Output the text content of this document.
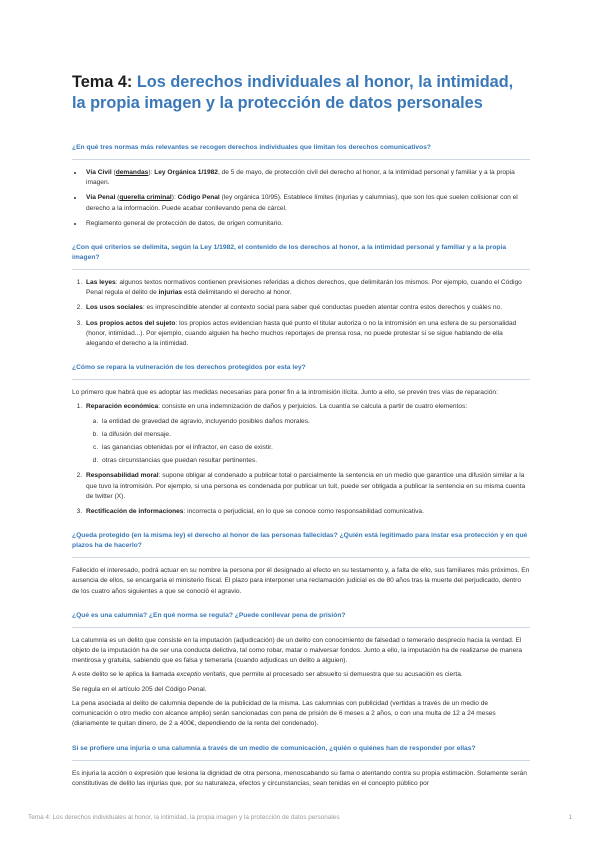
Tema 4: Los derechos individuales al honor, la intimidad, la propia imagen y la protección de datos personales
¿En qué tres normas más relevantes se recogen derechos individuales que limitan los derechos comunicativos?
• Vía Civil (demandas): Ley Orgánica 1/1982, de 5 de mayo, de protección civil del derecho al honor, a la intimidad personal y familiar y a la propia imagen.
• Vía Penal (querella criminal): Código Penal (ley orgánica 10/95). Establece límites (injurias y calumnias), que son los que suelen colisionar con el derecho a la información. Puede acabar conllevando pena de cárcel.
• Reglamento general de protección de datos, de origen comunitario.
¿Con qué criterios se delimita, según la Ley 1/1982, el contenido de los derechos al honor, a la intimidad personal y familiar y a la propia imagen?
1. Las leyes: algunos textos normativos contienen previsiones referidas a dichos derechos, que delimitarán los mismos. Por ejemplo, cuando el Código Penal regula el delito de injurias está delimitando el derecho al honor.
2. Los usos sociales: es imprescindible atender al contexto social para saber qué conductas pueden atentar contra estos derechos y cuáles no.
3. Los propios actos del sujeto: los propios actos evidencian hasta qué punto el titular autoriza o no la intromisión en una esfera de su personalidad (honor, intimidad...). Por ejemplo, cuando alguien ha hecho muchos reportajes de prensa rosa, no puede protestar si se sigue hablando de ella alegando el derecho a la intimidad.
¿Cómo se repara la vulneración de los derechos protegidos por esta ley?

Lo primero que habrá que es adoptar las medidas necesarias para poner fin a la intromisión ilícita. Junto a ello, se prevén tres vías de reparación:

1. Reparación económica: consiste en una indemnización de daños y perjuicios. La cuantía se calcula a partir de cuatro elementos:
a. la entidad de gravedad de agravio, incluyendo posibles daños morales.
b. la difusión del mensaje.
c. las ganancias obtenidas por el infractor, en caso de existir.
d. otras circunstancias que puedan resultar pertinentes.
2. Responsabilidad moral: supone obligar al condenado a publicar total o parcialmente la sentencia en un medio que garantice una difusión similar a la que tuvo la intromisión. Por ejemplo, si una persona es condenada por publicar un tuit, puede ser obligada a publicar la sentencia en su misma cuenta de twitter (X).
3. Rectificación de informaciones: incorrecta o perjudicial, en lo que se conoce como responsabilidad comunicativa.
¿Queda protegido (en la misma ley) el derecho al honor de las personas fallecidas? ¿Quién está legitimado para instar esa protección y en qué plazos ha de hacerlo?

Fallecido el interesado, podrá actuar en su nombre la persona por él designado al efecto en su testamento y, a falta de ello, sus familiares más próximos. En ausencia de ellos, se encargaría el ministerio fiscal. El plazo para interponer una reclamación judicial es de 80 años tras la muerte del perjudicado, dentro de los cuatro años siguientes a que se conoció el agravio.

¿Qué es una calumnia? ¿En qué norma se regula? ¿Puede conllevar pena de prisión?

La calumnia es un delito que consiste en la imputación (adjudicación) de un delito con conocimiento de falsedad o temerario desprecio hacia la verdad. El objeto de la imputación ha de ser una conducta delictiva, tal como robar, matar o malversar fondos. Junto a ello, la imputación ha de realizarse de manera mentirosa y gratuita, sabiendo que es falsa y temeraria (cuando adjudicas un delito a alguien).

A este delito se le aplica la llamada exceptio veritatis, que permite al procesado ser absuelto si demuestra que su acusación es cierta.

Se regula en el artículo 205 del Código Penal.

La pena asociada al delito de calumnia depende de la publicidad de la misma. Las calumnias con publicidad (vertidas a través de un medio de comunicación o otro medio con alcance amplio) serán sancionadas con pena de prisión de 6 meses a 2 años, o con una multa de 12 a 24 meses (diariamente te quitan dinero, de 2 a 400€, dependiendo de la renta del condenado).

Si se profiere una injuria o una calumnia a través de un medio de comunicación, ¿quién o quiénes han de responder por ellas?

Es injuria la acción o expresión que lesiona la dignidad de otra persona, menoscabando su fama o atentando contra su propia estimación. Solamente serán constitutivas de delito las injurias que, por su naturaleza, efectos y circunstancias, sean tenidas en el concepto público por

Tema 4: Los derechos individuales al honor, la intimidad, la propia imagen y la protección de datos personales	1
